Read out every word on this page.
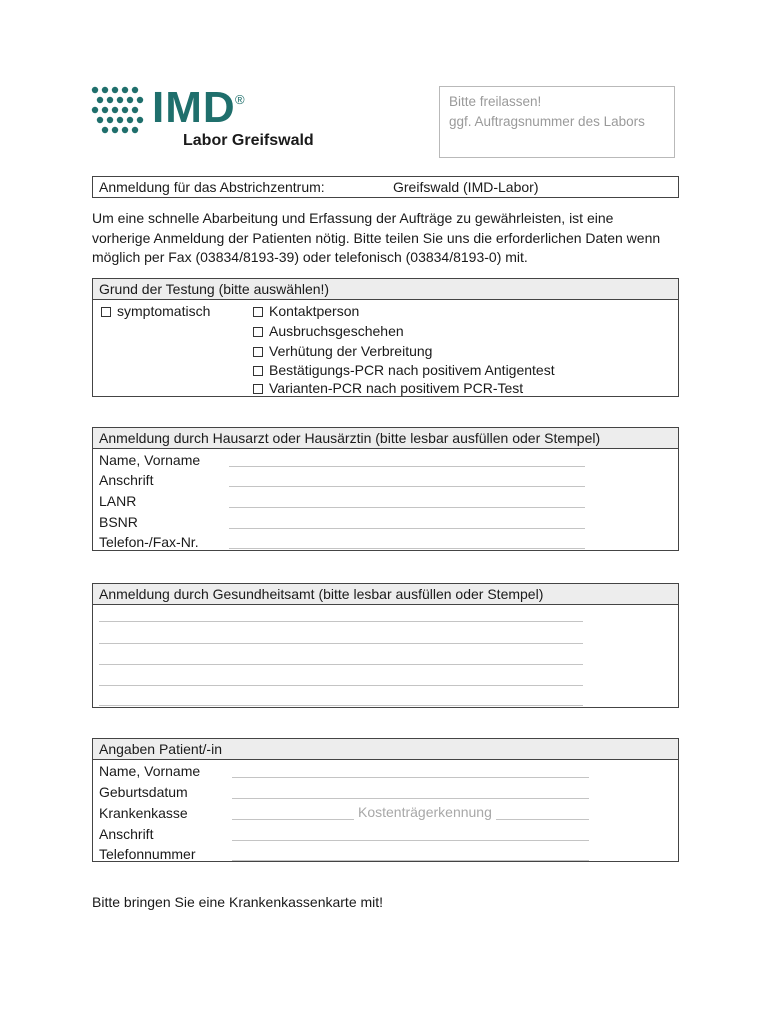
IMD ®
Labor Greifswald
Bitte freilassen!
ggf. Auftragsnummer des Labors
Anmeldung für das Abstrichzentrum:	Greifswald (IMD-Labor)
Um eine schnelle Abarbeitung und Erfassung der Aufträge zu gewährleisten, ist eine
vorherige Anmeldung der Patienten nötig. Bitte teilen Sie uns die erforderlichen Daten wenn
möglich per Fax (03834/8193-39) oder telefonisch (03834/8193-0) mit.
Grund der Testung (bitte auswählen!)
symptomatisch	Kontaktperson
Ausbruchsgeschehen
Verhütung der Verbreitung
Bestätigungs-PCR nach positivem Antigentest
Varianten-PCR nach positivem PCR-Test
Anmeldung durch Hausarzt oder Hausärztin (bitte lesbar ausfüllen oder Stempel)
Name, Vorname
Anschrift
LANR
BSNR
Telefon-/Fax-Nr.
Anmeldung durch Gesundheitsamt (bitte lesbar ausfüllen oder Stempel)
Angaben Patient/-in
Name, Vorname
Geburtsdatum
Krankenkasse	Kostenträgerkennung
Anschrift
Telefonnummer
Bitte bringen Sie eine Krankenkassenkarte mit!
